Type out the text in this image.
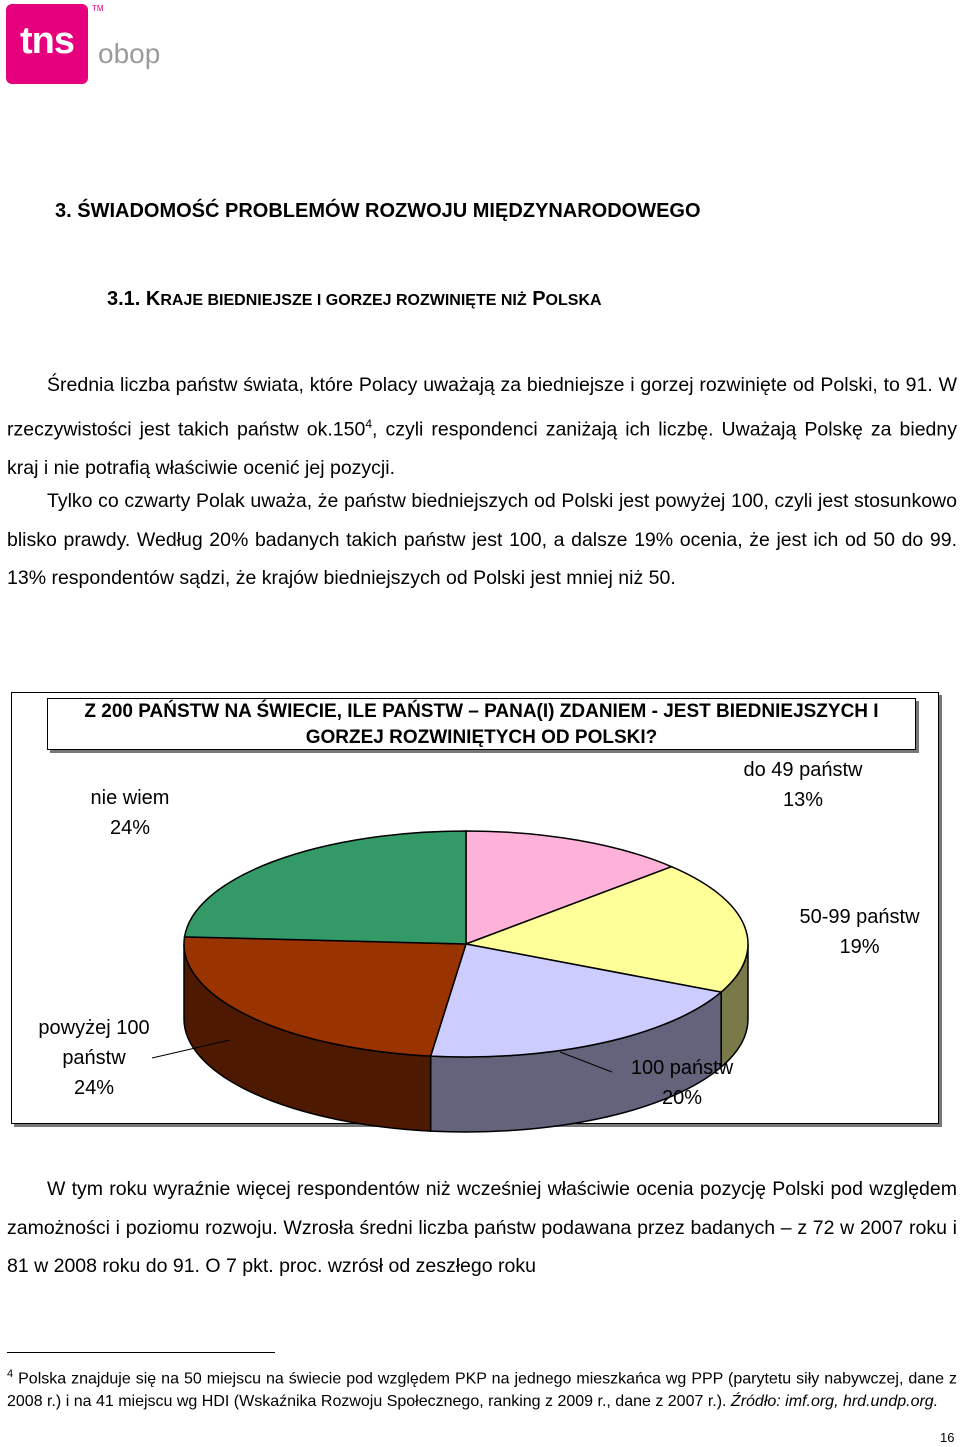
tns
TM
obop
3. ŚWIADOMOŚĆ PROBLEMÓW ROZWOJU MIĘDZYNARODOWEGO
3.1. KRAJE BIEDNIEJSZE I GORZEJ ROZWINIĘTE NIŻ POLSKA
Średnia liczba państw świata, które Polacy uważają za biedniejsze i gorzej rozwinięte od Polski, to 91. W rzeczywistości jest takich państw ok.150$^4$, czyli respondenci zaniżają ich liczbę. Uważają Polskę za biedny kraj i nie potrafią właściwie ocenić jej pozycji.
Tylko co czwarty Polak uważa, że państw biedniejszych od Polski jest powyżej 100, czyli jest stosunkowo blisko prawdy. Według 20% badanych takich państw jest 100, a dalsze 19% ocenia, że jest ich od 50 do 99. 13% respondentów sądzi, że krajów biedniejszych od Polski jest mniej niż 50.
Z 200 PAŃSTW NA ŚWIECIE, ILE PAŃSTW – PANA(I) ZDANIEM - JEST BIEDNIEJSZYCH I GORZEJ ROZWINIĘTYCH OD POLSKI?
do 49 państw
13%
50-99 państw
19%
100 państw
20%
powyżej 100 państw
24%
nie wiem
24%
W tym roku wyraźnie więcej respondentów niż wcześniej właściwie ocenia pozycję Polski pod względem zamożności i poziomu rozwoju. Wzrosła średni liczba państw podawana przez badanych – z 72 w 2007 roku i 81 w 2008 roku do 91. O 7 pkt. proc. wzrósł od zeszłego roku
$^4$ Polska znajduje się na 50 miejscu na świecie pod względem PKP na jednego mieszkańca wg PPP (parytetu siły nabywczej, dane z 2008 r.) i na 41 miejscu wg HDI (Wskaźnika Rozwoju Społecznego, ranking z 2009 r., dane z 2007 r.). Źródło: imf.org, hrd.undp.org.
16
